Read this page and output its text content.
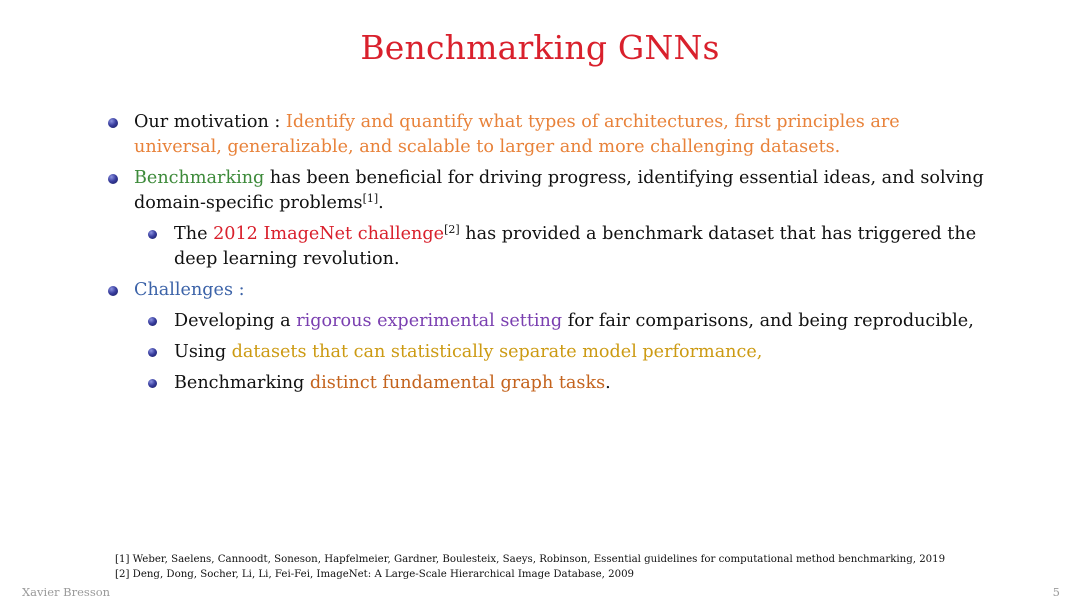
Benchmarking GNNs
Our motivation : Identify and quantify what types of architectures, first principles are universal, generalizable, and scalable to larger and more challenging datasets.
Benchmarking has been beneficial for driving progress, identifying essential ideas, and solving domain-specific problems[1].
The 2012 ImageNet challenge[2] has provided a benchmark dataset that has triggered the deep learning revolution.
Challenges :
Developing a rigorous experimental setting for fair comparisons, and being reproducible,
Using datasets that can statistically separate model performance,
Benchmarking distinct fundamental graph tasks.
[1] Weber, Saelens, Cannoodt, Soneson, Hapfelmeier, Gardner, Boulesteix, Saeys, Robinson, Essential guidelines for computational method benchmarking, 2019
[2] Deng, Dong, Socher, Li, Li, Fei-Fei, ImageNet: A Large-Scale Hierarchical Image Database, 2009
Xavier Bresson	5
